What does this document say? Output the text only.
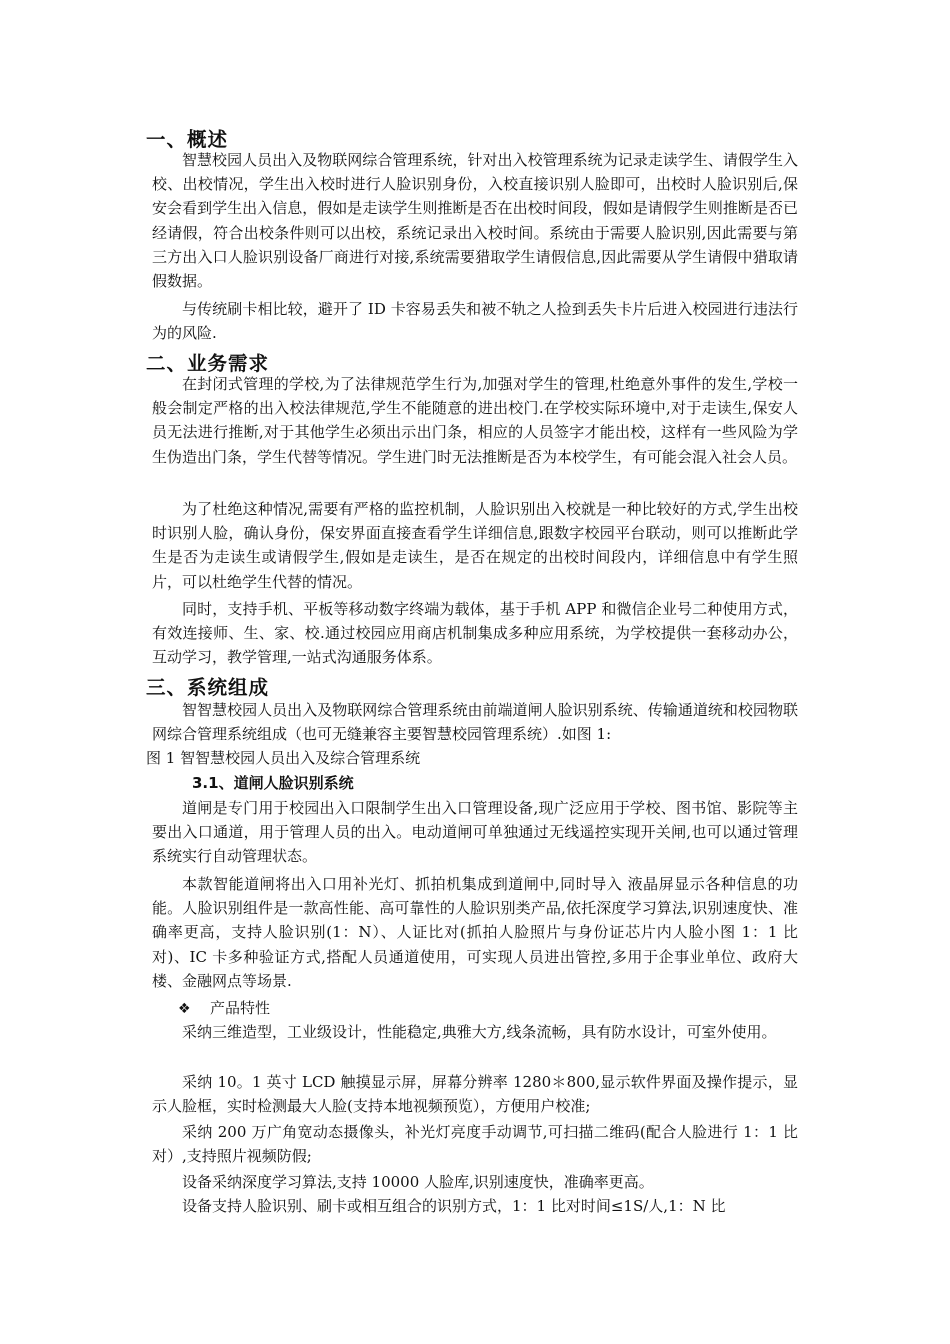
一、概述
智慧校园人员出入及物联网综合管理系统，针对出入校管理系统为记录走读学生、请假学生入校、出校情况，学生出入校时进行人脸识别身份，入校直接识别人脸即可，出校时人脸识别后,保安会看到学生出入信息，假如是走读学生则推断是否在出校时间段，假如是请假学生则推断是否已经请假，符合出校条件则可以出校，系统记录出入校时间。系统由于需要人脸识别,因此需要与第三方出入口人脸识别设备厂商进行对接,系统需要猎取学生请假信息,因此需要从学生请假中猎取请假数据。
与传统刷卡相比较，避开了 ID 卡容易丢失和被不轨之人捡到丢失卡片后进入校园进行违法行为的风险.
二、业务需求
在封闭式管理的学校,为了法律规范学生行为,加强对学生的管理,杜绝意外事件的发生,学校一般会制定严格的出入校法律规范,学生不能随意的进出校门.在学校实际环境中,对于走读生,保安人员无法进行推断,对于其他学生必须出示出门条，相应的人员签字才能出校，这样有一些风险为学生伪造出门条，学生代替等情况。学生进门时无法推断是否为本校学生，有可能会混入社会人员。
为了杜绝这种情况,需要有严格的监控机制，人脸识别出入校就是一种比较好的方式,学生出校时识别人脸，确认身份，保安界面直接查看学生详细信息,跟数字校园平台联动，则可以推断此学生是否为走读生或请假学生,假如是走读生，是否在规定的出校时间段内，详细信息中有学生照片，可以杜绝学生代替的情况。
同时，支持手机、平板等移动数字终端为载体，基于手机 APP 和微信企业号二种使用方式，有效连接师、生、家、校.通过校园应用商店机制集成多种应用系统，为学校提供一套移动办公，互动学习，教学管理,一站式沟通服务体系。
三、系统组成
智智慧校园人员出入及物联网综合管理系统由前端道闸人脸识别系统、传输通道统和校园物联网综合管理系统组成（也可无缝兼容主要智慧校园管理系统）.如图 1:
图 1 智智慧校园人员出入及综合管理系统
3.1、道闸人脸识别系统
道闸是专门用于校园出入口限制学生出入口管理设备,现广泛应用于学校、图书馆、影院等主要出入口通道，用于管理人员的出入。电动道闸可单独通过无线遥控实现开关闸,也可以通过管理系统实行自动管理状态。
本款智能道闸将出入口用补光灯、抓拍机集成到道闸中,同时导入 液晶屏显示各种信息的功能。人脸识别组件是一款高性能、高可靠性的人脸识别类产品,依托深度学习算法,识别速度快、准确率更高，支持人脸识别(1：N）、人证比对(抓拍人脸照片与身份证芯片内人脸小图 1：1 比对)、IC 卡多种验证方式,搭配人员通道使用，可实现人员进出管控,多用于企事业单位、政府大楼、金融网点等场景.
❖ 产品特性
采纳三维造型，工业级设计，性能稳定,典雅大方,线条流畅，具有防水设计，可室外使用。
采纳 10。1 英寸 LCD 触摸显示屏，屏幕分辨率 1280＊800,显示软件界面及操作提示，显示人脸框，实时检测最大人脸(支持本地视频预览），方便用户校准;
采纳 200 万广角宽动态摄像头，补光灯亮度手动调节,可扫描二维码(配合人脸进行 1：1 比对）,支持照片视频防假;
设备采纳深度学习算法,支持 10000 人脸库,识别速度快，准确率更高。
设备支持人脸识别、刷卡或相互组合的识别方式，1：1 比对时间≤1S/人,1：N 比
